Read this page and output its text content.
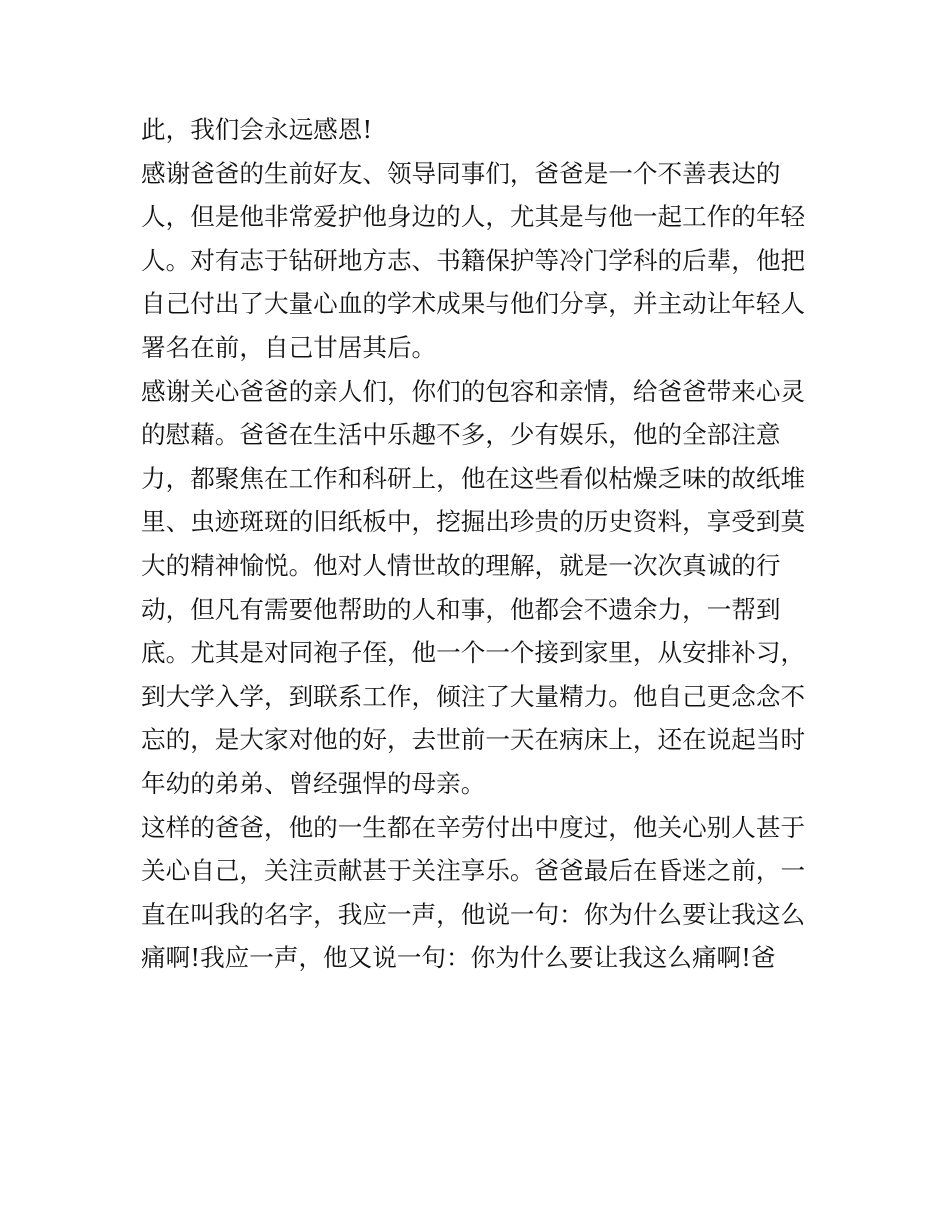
此，我们会永远感恩!
感谢爸爸的生前好友、领导同事们，爸爸是一个不善表达的
人，但是他非常爱护他身边的人，尤其是与他一起工作的年轻
人。对有志于钻研地方志、书籍保护等冷门学科的后辈，他把
自己付出了大量心血的学术成果与他们分享，并主动让年轻人
署名在前，自己甘居其后。
感谢关心爸爸的亲人们，你们的包容和亲情，给爸爸带来心灵
的慰藉。爸爸在生活中乐趣不多，少有娱乐，他的全部注意
力，都聚焦在工作和科研上，他在这些看似枯燥乏味的故纸堆
里、虫迹斑斑的旧纸板中，挖掘出珍贵的历史资料，享受到莫
大的精神愉悦。他对人情世故的理解，就是一次次真诚的行
动，但凡有需要他帮助的人和事，他都会不遗余力，一帮到
底。尤其是对同袍子侄，他一个一个接到家里，从安排补习，
到大学入学，到联系工作，倾注了大量精力。他自己更念念不
忘的，是大家对他的好，去世前一天在病床上，还在说起当时
年幼的弟弟、曾经强悍的母亲。
这样的爸爸，他的一生都在辛劳付出中度过，他关心别人甚于
关心自己，关注贡献甚于关注享乐。爸爸最后在昏迷之前，一
直在叫我的名字，我应一声，他说一句：你为什么要让我这么
痛啊!我应一声，他又说一句：你为什么要让我这么痛啊!爸
